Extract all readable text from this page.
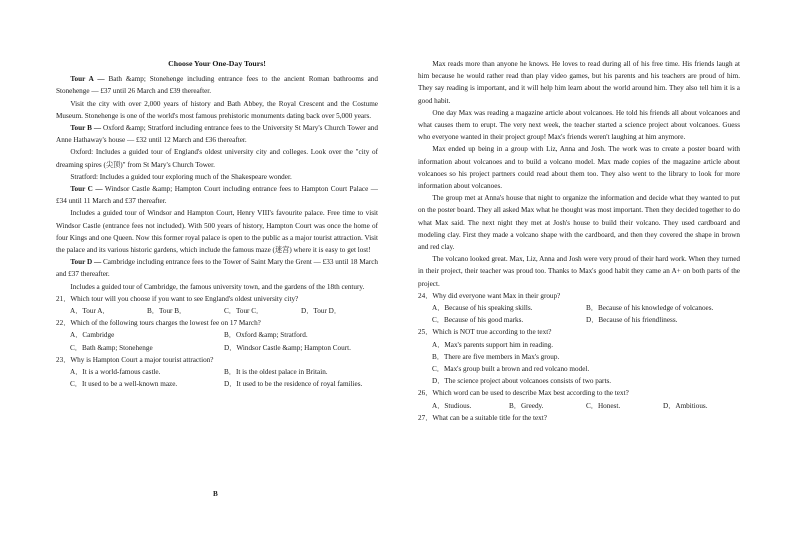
Choose Your One-Day Tours!

Tour A — Bath &amp; Stonehenge including entrance fees to the ancient Roman bathrooms and Stonehenge — £37 until 26 March and £39 thereafter.

Visit the city with over 2,000 years of history and Bath Abbey, the Royal Crescent and the Costume Museum. Stonehenge is one of the world's most famous prehistoric monuments dating back over 5,000 years.

Tour B — Oxford &amp; Stratford including entrance fees to the University St Mary's Church Tower and Anne Hathaway's house — £32 until 12 March and £36 thereafter.

Oxford: Includes a guided tour of England's oldest university city and colleges. Look over the "city of dreaming spires (尖顶)" from St Mary's Church Tower.

Stratford: Includes a guided tour exploring much of the Shakespeare wonder.

Tour C — Windsor Castle &amp; Hampton Court including entrance fees to Hampton Court Palace — £34 until 11 March and £37 thereafter.

Includes a guided tour of Windsor and Hampton Court, Henry VIII's favourite palace. Free time to visit Windsor Castle (entrance fees not included). With 500 years of history, Hampton Court was once the home of four Kings and one Queen. Now this former royal palace is open to the public as a major tourist attraction. Visit the palace and its various historic gardens, which include the famous maze (迷宫) where it is easy to get lost!

Tour D — Cambridge including entrance fees to the Tower of Saint Mary the Grent — £33 until 18 March and £37 thereafter.

Includes a guided tour of Cambridge, the famous university town, and the gardens of the 18th century.

21．Which tour will you choose if you want to see England's oldest university city?

A．Tour A．	B．Tour B．	C．Tour C．	D．Tour D．

22．Which of the following tours charges the lowest fee on 17 March?

A．Cambridge	B．Oxford &amp; Stratford.
C．Bath &amp; Stonehenge	D．Windsor Castle &amp; Hampton Court.

23．Why is Hampton Court a major tourist attraction?

A．It is a world-famous castle.	B．It is the oldest palace in Britain.
C．It used to be a well-known maze.	D．It used to be the residence of royal families.
B

Max reads more than anyone he knows. He loves to read during all of his free time. His friends laugh at him because he would rather read than play video games, but his parents and his teachers are proud of him. They say reading is important, and it will help him learn about the world around him. They also tell him it is a good habit.

One day Max was reading a magazine article about volcanoes. He told his friends all about volcanoes and what causes them to erupt. The very next week, the teacher started a science project about volcanoes. Guess who everyone wanted in their project group! Max's friends weren't laughing at him anymore.

Max ended up being in a group with Liz, Anna and Josh. The work was to create a poster board with information about volcanoes and to build a volcano model. Max made copies of the magazine article about volcanoes so his project partners could read about them too. They also went to the library to look for more information about volcanoes.

The group met at Anna's house that night to organize the information and decide what they wanted to put on the poster board. They all asked Max what he thought was most important. Then they decided together to do what Max said. The next night they met at Josh's house to build their volcano. They used cardboard and modeling clay. First they made a volcano shape with the cardboard, and then they covered the shape in brown and red clay.

The volcano looked great. Max, Liz, Anna and Josh were very proud of their hard work. When they turned in their project, their teacher was proud too. Thanks to Max's good habit they came an A+ on both parts of the project.

24．Why did everyone want Max in their group?

A．Because of his speaking skills.	B．Because of his knowledge of volcanoes.
C．Because of his good marks.	D．Because of his friendliness.

25．Which is NOT true according to the text?

A．Max's parents support him in reading.

B．There are five members in Max's group.

C．Max's group built a brown and red volcano model.

D．The science project about volcanoes consists of two parts.

26．Which word can be used to describe Max best according to the text?

A．Studious.	B．Greedy.	C．Honest.	D．Ambitious.

27．What can be a suitable title for the text?
